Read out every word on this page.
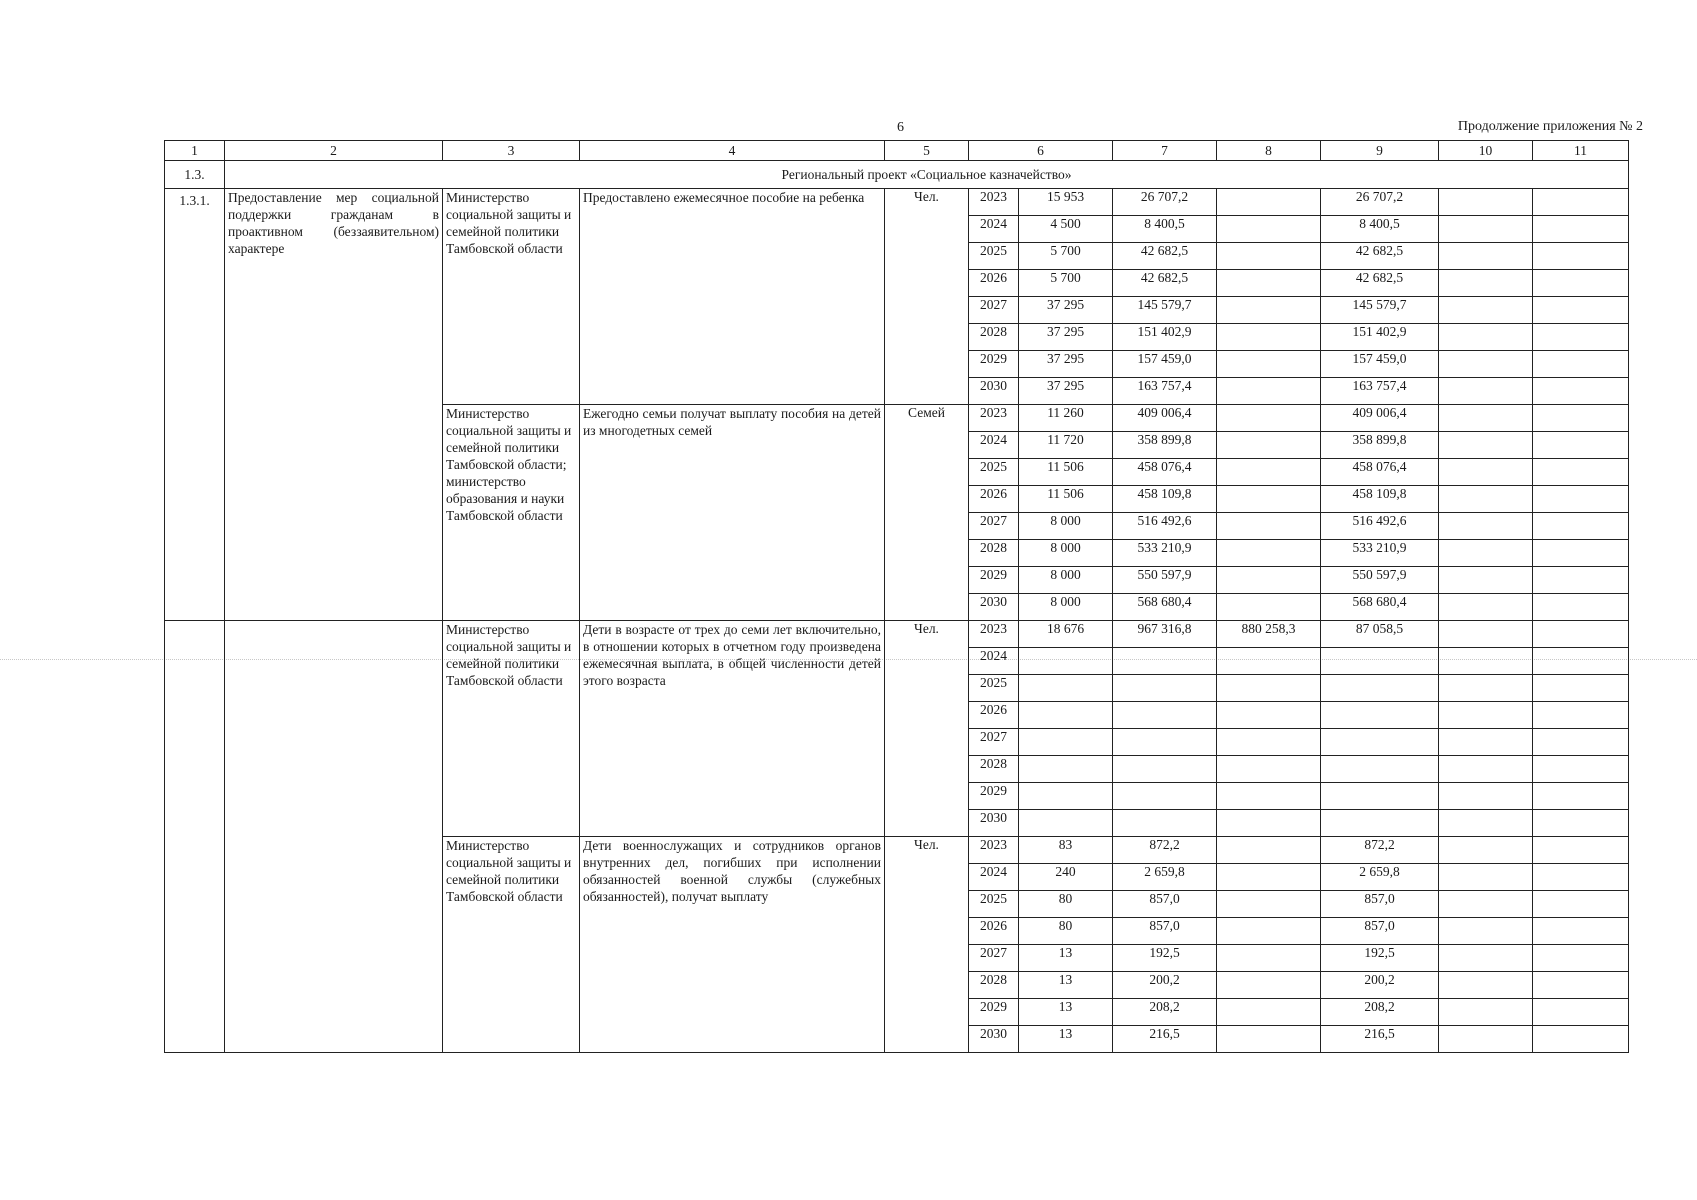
6	Продолжение приложения № 2
1	2	3	4	5	6		7	8	9	10	11
1.3.	Региональный проект «Социальное казначейство»										
1.3.1.	Предоставление мер социальной поддержки гражданам в проактивном (беззаявительном) характере	Министерство социальной защиты и семейной политики Тамбовской области	Предоставлено ежемесячное пособие на ребенка	Чел.	2023	15 953	26 707,2		26 707,2		
					2024	4 500	8 400,5		8 400,5		
					2025	5 700	42 682,5		42 682,5		
					2026	5 700	42 682,5		42 682,5		
					2027	37 295	145 579,7		145 579,7		
					2028	37 295	151 402,9		151 402,9		
					2029	37 295	157 459,0		157 459,0		
					2030	37 295	163 757,4		163 757,4		
		Министерство социальной защиты и семейной политики Тамбовской области; министерство образования и науки Тамбовской области	Ежегодно семьи получат выплату пособия на детей из многодетных семей	Семей	2023	11 260	409 006,4		409 006,4		
					2024	11 720	358 899,8		358 899,8		
					2025	11 506	458 076,4		458 076,4		
					2026	11 506	458 109,8		458 109,8		
					2027	8 000	516 492,6		516 492,6		
					2028	8 000	533 210,9		533 210,9		
					2029	8 000	550 597,9		550 597,9		
					2030	8 000	568 680,4		568 680,4		
		Министерство социальной защиты и семейной политики Тамбовской области	Дети в возрасте от трех до семи лет включительно, в отношении которых в отчетном году произведена ежемесячная выплата, в общей численности детей этого возраста	Чел.	2023	18 676	967 316,8	880 258,3	87 058,5		
					2024						
					2025						
					2026						
					2027						
					2028						
					2029						
					2030						
		Министерство социальной защиты и семейной политики Тамбовской области	Дети военнослужащих и сотрудников органов внутренних дел, погибших при исполнении обязанностей военной службы (служебных обязанностей), получат выплату	Чел.	2023	83	872,2		872,2		
					2024	240	2 659,8		2 659,8		
					2025	80	857,0		857,0		
					2026	80	857,0		857,0		
					2027	13	192,5		192,5		
					2028	13	200,2		200,2		
					2029	13	208,2		208,2		
					2030	13	216,5		216,5		
